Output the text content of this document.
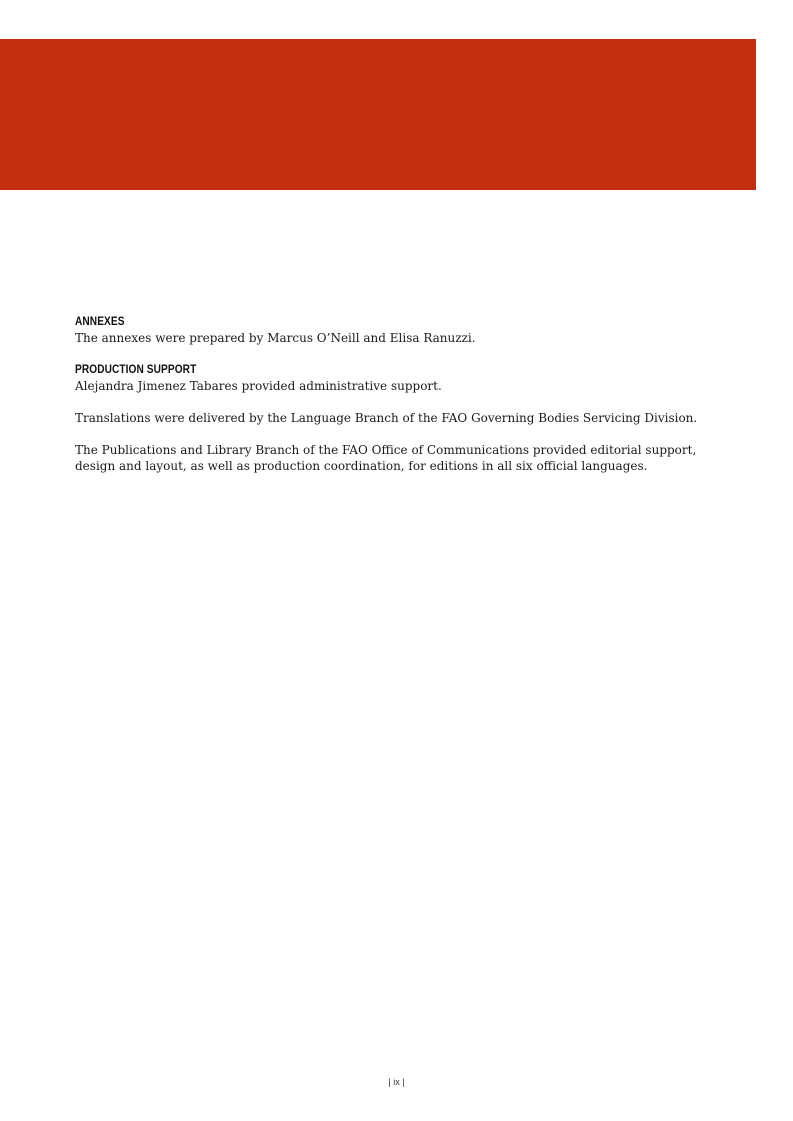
ANNEXES

The annexes were prepared by Marcus O’Neill and Elisa Ranuzzi.

PRODUCTION SUPPORT

Alejandra Jimenez Tabares provided administrative support.

Translations were delivered by the Language Branch of the FAO Governing Bodies Servicing Division.

The Publications and Library Branch of the FAO Office of Communications provided editorial support, design and layout, as well as production coordination, for editions in all six official languages.

| ix |
